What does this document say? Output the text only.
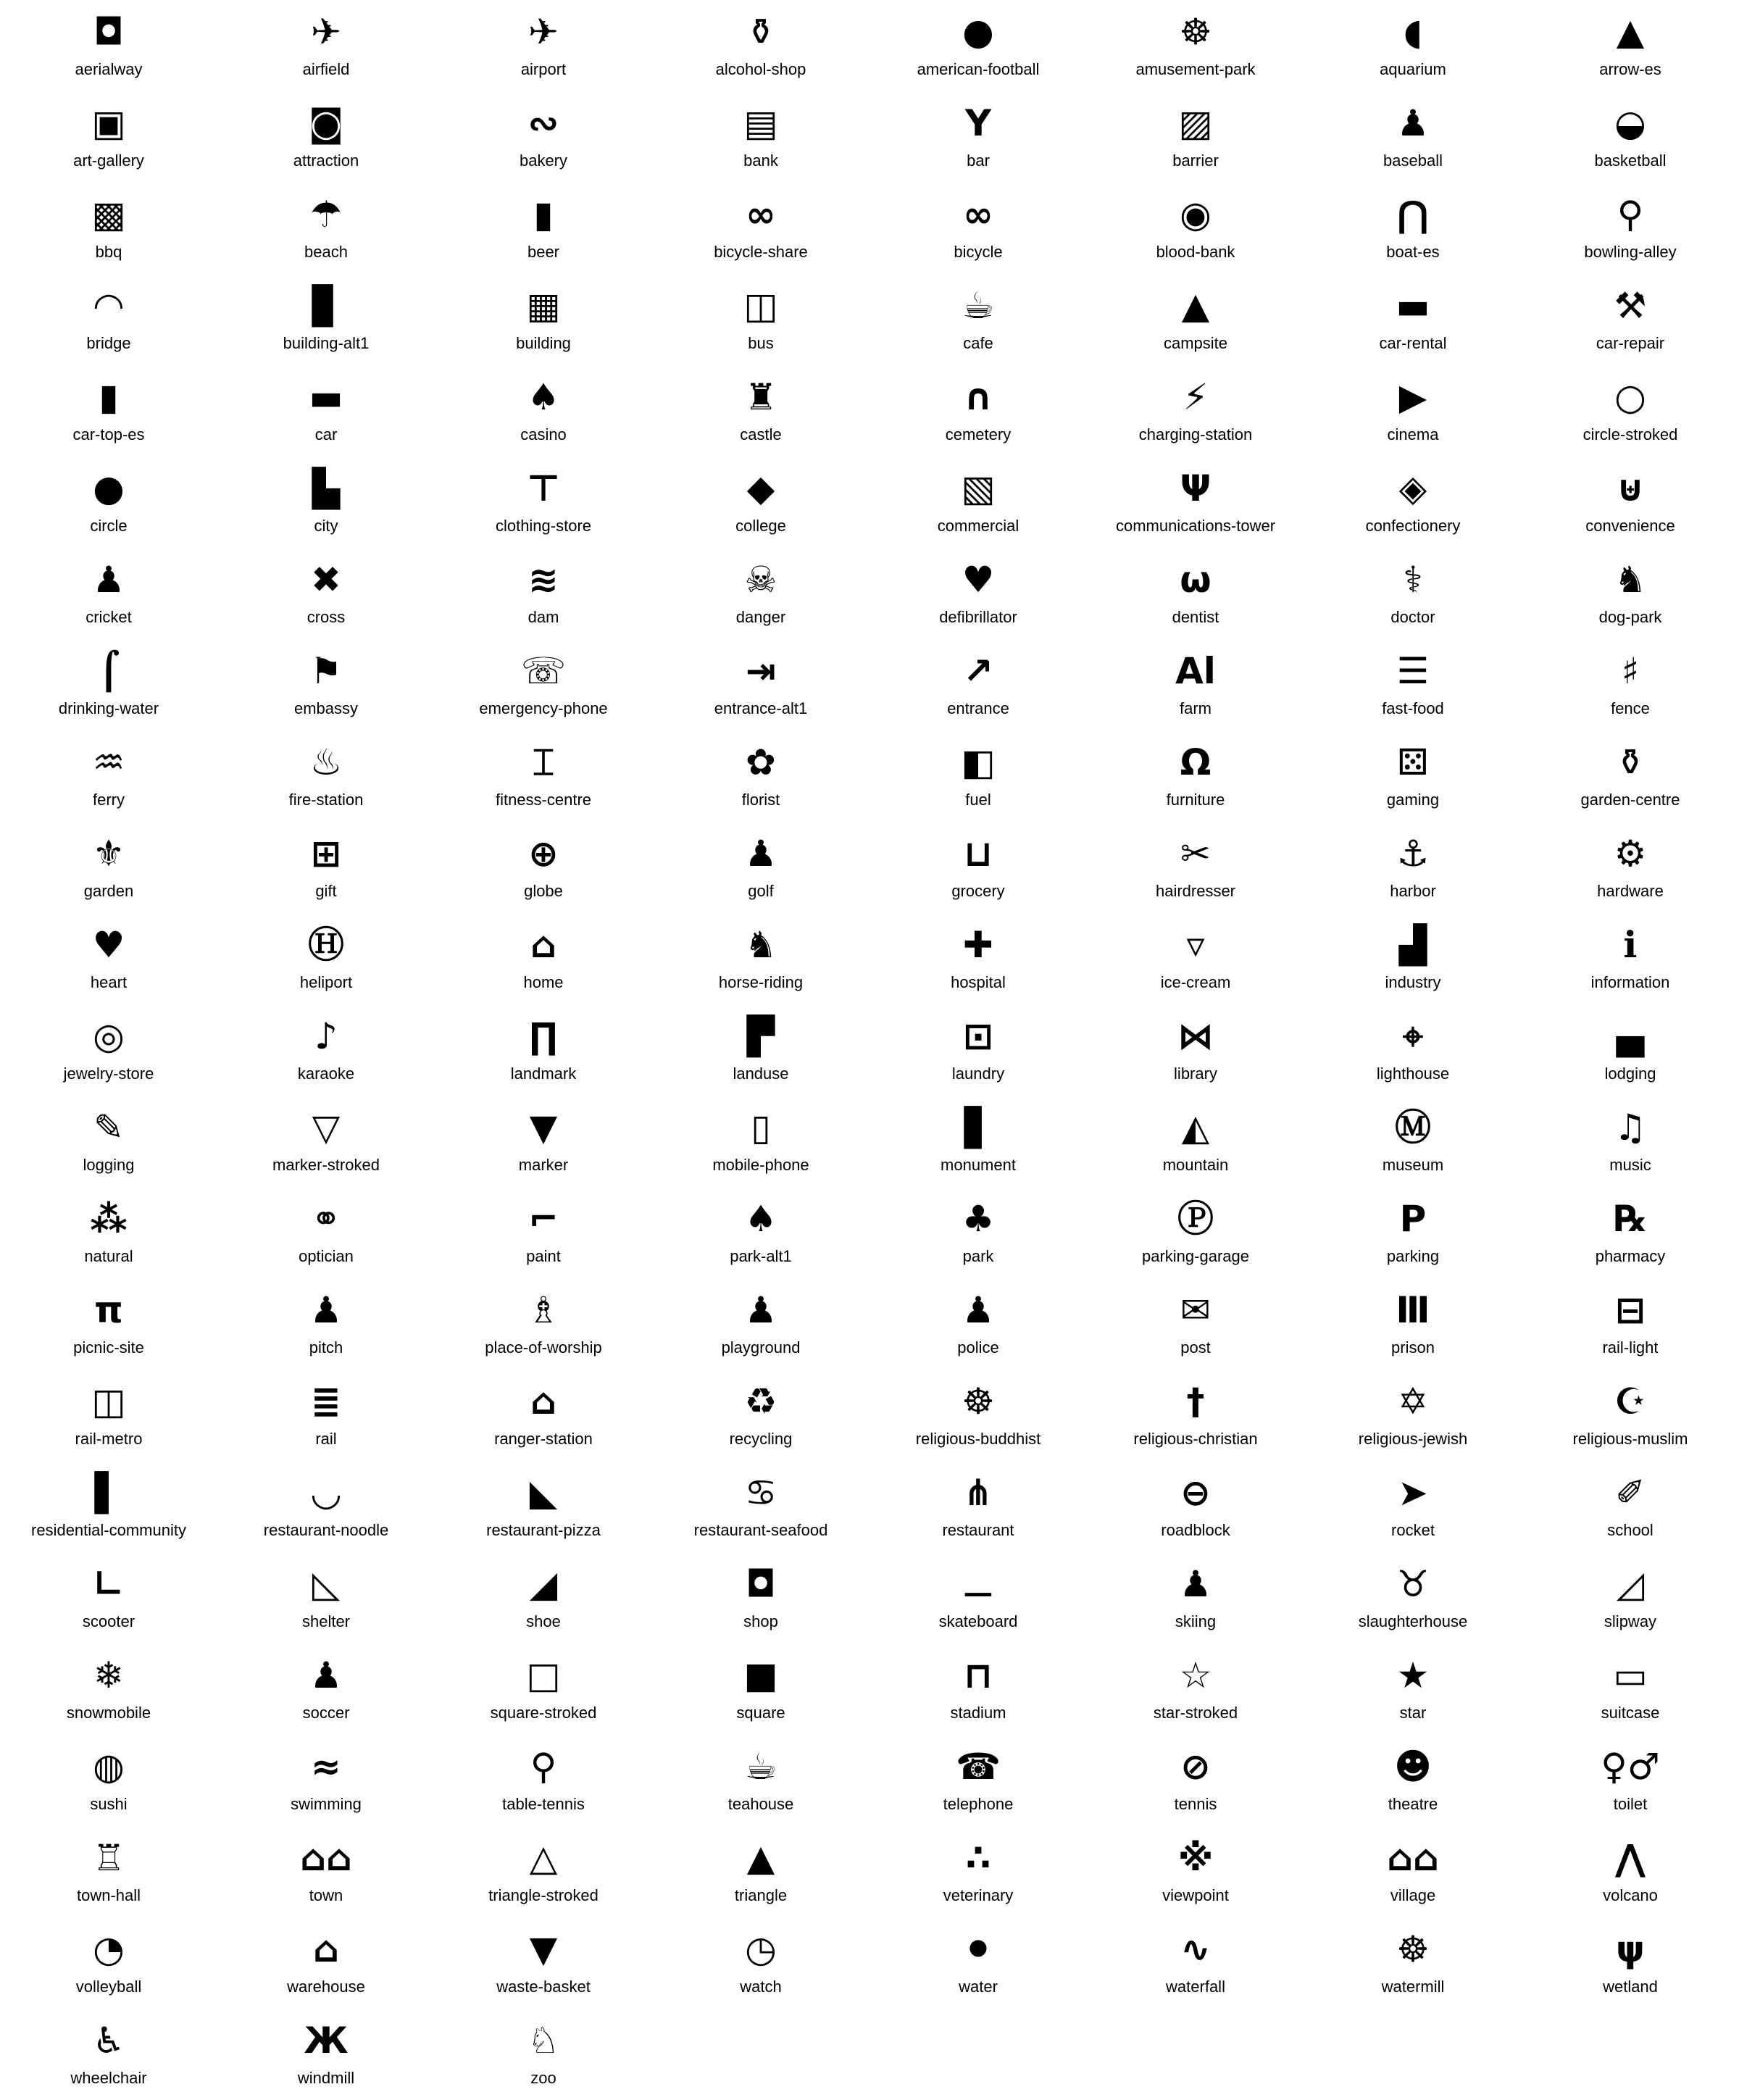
◘
aerialway
✈
airfield
✈
airport
⚱
alcohol-shop
●
american-football
☸
amusement-park
◖
aquarium
▲
arrow-es
▣
art-gallery
◙
attraction
∾
bakery
▤
bank
Y
bar
▨
barrier
♟
baseball
◒
basketball
▩
bbq
☂
beach
▮
beer
∞
bicycle-share
∞
bicycle
◉
blood-bank
⋂
boat-es
⚲
bowling-alley
◠
bridge
▊
building-alt1
▦
building
◫
bus
☕
cafe
▲
campsite
▬
car-rental
⚒
car-repair
▮
car-top-es
▬
car
♠
casino
♜
castle
∩
cemetery
⚡
charging-station
▶
cinema
○
circle-stroked
●
circle
▙
city
⊤
clothing-store
◆
college
▧
commercial
Ψ
communications-tower
◈
confectionery
⊎
convenience
♟
cricket
✖
cross
≋
dam
☠
danger
♥
defibrillator
ω
dentist
⚕
doctor
♞
dog-park
⌠
drinking-water
⚑
embassy
☏
emergency-phone
⇥
entrance-alt1
↗
entrance
Al
farm
☰
fast-food
♯
fence
♒
ferry
♨
fire-station
⌶
fitness-centre
✿
florist
◧
fuel
Ω
furniture
⚄
gaming
⚱
garden-centre
⚜
garden
⊞
gift
⊕
globe
♟
golf
⊔
grocery
✂
hairdresser
⚓
harbor
⚙
hardware
♥
heart
Ⓗ
heliport
⌂
home
♞
horse-riding
✚
hospital
▿
ice-cream
▟
industry
ℹ
information
◎
jewelry-store
♪
karaoke
∏
landmark
▛
landuse
⊡
laundry
⋈
library
⌖
lighthouse
▄
lodging
✎
logging
▽
marker-stroked
▼
marker
▯
mobile-phone
▋
monument
◭
mountain
Ⓜ
museum
♫
music
⁂
natural
⚭
optician
⌐
paint
♠
park-alt1
♣
park
Ⓟ
parking-garage
P
parking
℞
pharmacy
π
picnic-site
♟
pitch
♗
place-of-worship
♟
playground
♟
police
✉
post
Ⅲ
prison
⊟
rail-light
◫
rail-metro
≣
rail
⌂
ranger-station
♻
recycling
☸
religious-buddhist
†
religious-christian
✡
religious-jewish
☪
religious-muslim
▌
residential-community
◡
restaurant-noodle
◣
restaurant-pizza
♋
restaurant-seafood
⋔
restaurant
⊖
roadblock
➤
rocket
✐
school
∟
scooter
◺
shelter
◢
shoe
◘
shop
⚊
skateboard
♟
skiing
♉
slaughterhouse
◿
slipway
❄
snowmobile
♟
soccer
□
square-stroked
■
square
⊓
stadium
☆
star-stroked
★
star
▭
suitcase
◍
sushi
≈
swimming
⚲
table-tennis
☕
teahouse
☎
telephone
⊘
tennis
☻
theatre
♀♂
toilet
♖
town-hall
⌂⌂
town
△
triangle-stroked
▲
triangle
∴
veterinary
※
viewpoint
⌂⌂
village
⋀
volcano
◔
volleyball
⌂
warehouse
▼
waste-basket
◷
watch
⚫
water
∿
waterfall
☸
watermill
ψ
wetland
♿
wheelchair
Ж
windmill
♘
zoo
